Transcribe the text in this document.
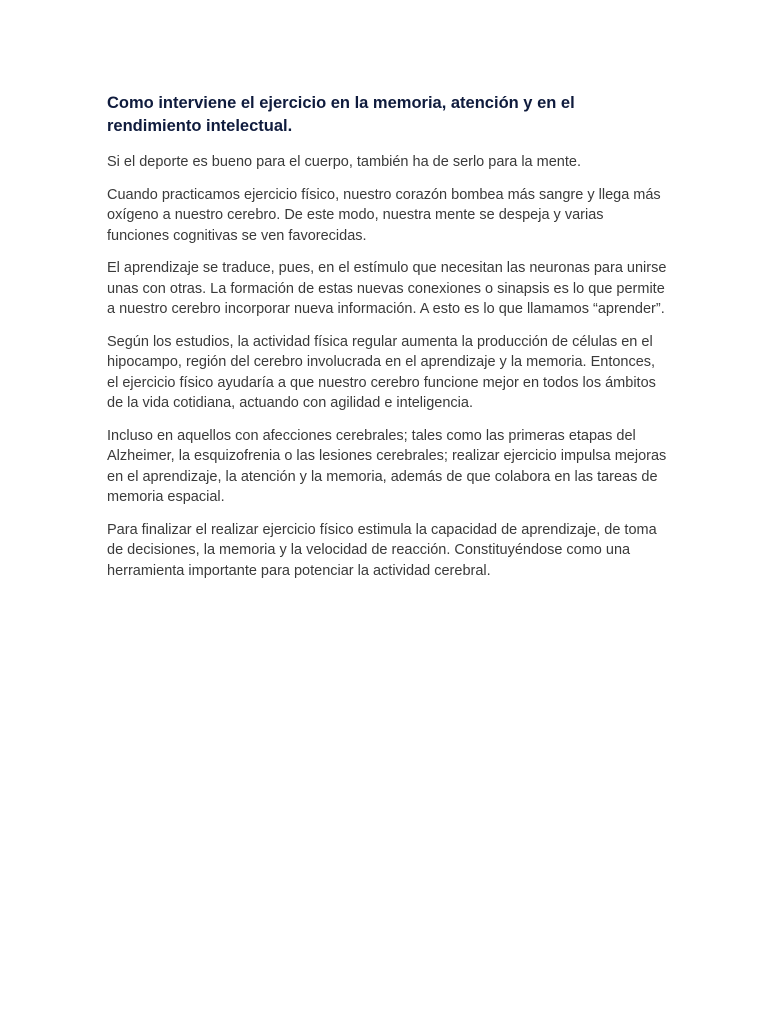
Como interviene el ejercicio en la memoria, atención y en el rendimiento intelectual.

Si el deporte es bueno para el cuerpo, también ha de serlo para la mente.

Cuando practicamos ejercicio físico, nuestro corazón bombea más sangre y llega más oxígeno a nuestro cerebro. De este modo, nuestra mente se despeja y varias funciones cognitivas se ven favorecidas.

El aprendizaje se traduce, pues, en el estímulo que necesitan las neuronas para unirse unas con otras. La formación de estas nuevas conexiones o sinapsis es lo que permite a nuestro cerebro incorporar nueva información. A esto es lo que llamamos “aprender”.

Según los estudios, la actividad física regular aumenta la producción de células en el hipocampo, región del cerebro involucrada en el aprendizaje y la memoria. Entonces, el ejercicio físico ayudaría a que nuestro cerebro funcione mejor en todos los ámbitos de la vida cotidiana, actuando con agilidad e inteligencia.

Incluso en aquellos con afecciones cerebrales; tales como las primeras etapas del Alzheimer, la esquizofrenia o las lesiones cerebrales; realizar ejercicio impulsa mejoras en el aprendizaje, la atención y la memoria, además de que colabora en las tareas de memoria espacial.

Para finalizar el realizar ejercicio físico estimula la capacidad de aprendizaje, de toma de decisiones, la memoria y la velocidad de reacción. Constituyéndose como una herramienta importante para potenciar la actividad cerebral.
